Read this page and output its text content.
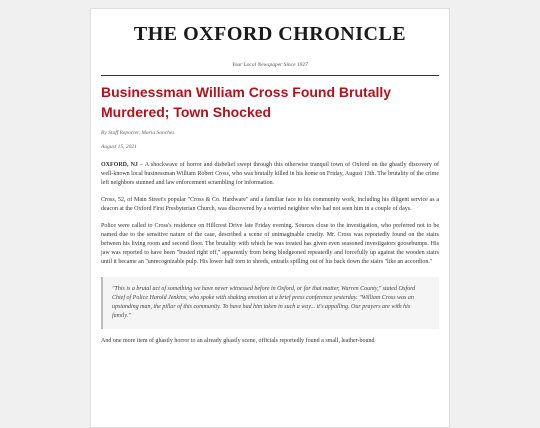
THE OXFORD CHRONICLE
Your Local Newspaper Since 1927
Businessman William Cross Found Brutally Murdered; Town Shocked
By Staff Reporter, Maria Sanchez
August 15, 2021

OXFORD, NJ – A shockwave of horror and disbelief swept through this otherwise tranquil town of Oxford on the ghastly discovery of well-known local businessman William Robert Cross, who was brutally killed in his home on Friday, August 13th. The brutality of the crime left neighbors stunned and law enforcement scrambling for information.

Cross, 52, of Main Street's popular "Cross & Co. Hardware" and a familiar face to his community work, including his diligent service as a deacon at the Oxford First Presbyterian Church, was discovered by a worried neighbor who had not seen him in a couple of days.

Police were called to Cross's residence on Hillcrest Drive late Friday evening. Sources close to the investigation, who preferred not to be named due to the sensitive nature of the case, described a scene of unimaginable cruelty. Mr. Cross was reportedly found on the stairs between his living room and second floor. The brutality with which he was treated has given even seasoned investigators goosebumps. His jaw was reported to have been "busted right off," apparently from being bludgeoned repeatedly and forcefully up against the wooden stairs until it became an "unrecognizable pulp. His lower half torn to shreds, entrails spilling out of his back down the stairs "like an accordion."

"This is a brutal act of something we have never witnessed before in Oxford, or for that matter, Warren County," stated Oxford Chief of Police Harold Jenkins, who spoke with shaking emotion at a brief press conference yesterday. "William Cross was an upstanding man, the pillar of this community. To have had him taken in such a way... it's appalling. Our prayers are with his family."

And one more item of ghastly horror to an already ghastly scene, officials reportedly found a small, leather-bound
